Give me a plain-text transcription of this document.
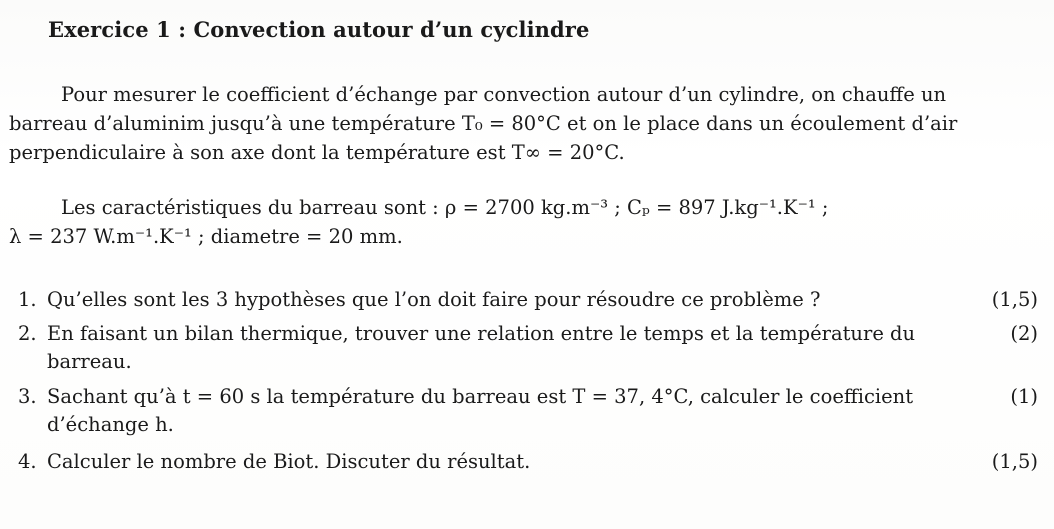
Exercice 1 : Convection autour d’un cyclindre
Pour mesurer le coefficient d’échange par convection autour d’un cylindre, on chauffe un
barreau d’aluminim jusqu’à une température T₀ = 80°C et on le place dans un écoulement d’air
perpendiculaire à son axe dont la température est T∞ = 20°C.
Les caractéristiques du barreau sont : ρ = 2700 kg.m⁻³ ; Cₚ = 897 J.kg⁻¹.K⁻¹ ;
λ = 237 W.m⁻¹.K⁻¹ ; diametre = 20 mm.
1. Qu’elles sont les 3 hypothèses que l’on doit faire pour résoudre ce problème ?	(1,5)
2. En faisant un bilan thermique, trouver une relation entre le temps et la température du
barreau.
(2)
3. Sachant qu’à t = 60 s la température du barreau est T = 37, 4°C, calculer le coefficient
d’échange h.
(1)
4. Calculer le nombre de Biot. Discuter du résultat.	(1,5)
